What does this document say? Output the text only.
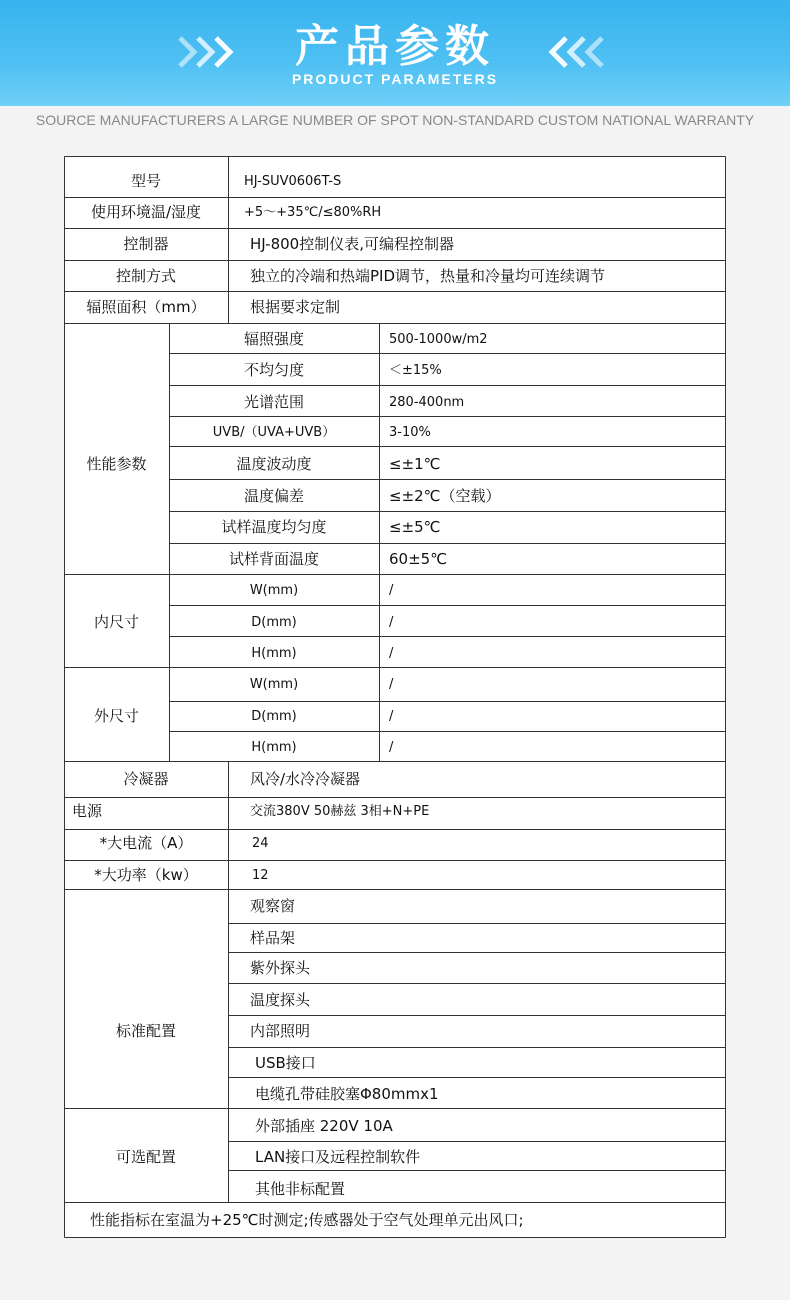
产品参数
PRODUCT PARAMETERS
SOURCE MANUFACTURERS A LARGE NUMBER OF SPOT NON-STANDARD CUSTOM NATIONAL WARRANTY
型号	HJ-SUV0606T-S
使用环境温/湿度	+5～+35℃/≤80%RH
控制器	HJ-800控制仪表,可编程控制器
控制方式	独立的冷端和热端PID调节，热量和冷量均可连续调节
辐照面积（mm）	根据要求定制
性能参数
辐照强度	500-1000w/m2
不均匀度	＜±15%
光谱范围	280-400nm
UVB/（UVA+UVB）	3-10%
温度波动度	≤±1℃
温度偏差	≤±2℃（空载）
试样温度均匀度	≤±5℃
试样背面温度	60±5℃
内尺寸
W(mm)	/
D(mm)	/
H(mm)	/
外尺寸
W(mm)	/
D(mm)	/
H(mm)	/
冷凝器	风冷/水冷冷凝器
电源	交流380V 50赫兹 3相+N+PE
*大电流（A）	24
*大功率（kw）	12
标准配置
观察窗
样品架
紫外探头
温度探头
内部照明
USB接口
电缆孔带硅胶塞Φ80mmx1
可选配置
外部插座 220V 10A
LAN接口及远程控制软件
其他非标配置
性能指标在室温为+25℃时测定;传感器处于空气处理单元出风口;
